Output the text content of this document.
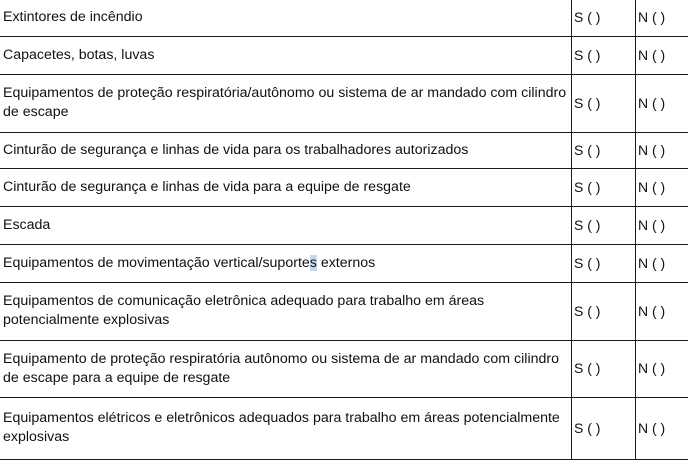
Extintores de incêndio	S ( )	N ( )
Capacetes, botas, luvas	S ( )	N ( )
Equipamentos de proteção respiratória/autônomo ou sistema de ar mandado com cilindro de escape	S ( )	N ( )
Cinturão de segurança e linhas de vida para os trabalhadores autorizados	S ( )	N ( )
Cinturão de segurança e linhas de vida para a equipe de resgate	S ( )	N ( )
Escada	S ( )	N ( )
Equipamentos de movimentação vertical/suportes externos	S ( )	N ( )
Equipamentos de comunicação eletrônica adequado para trabalho em áreas potencialmente explosivas	S ( )	N ( )
Equipamento de proteção respiratória autônomo ou sistema de ar mandado com cilindro de escape para a equipe de resgate	S ( )	N ( )
Equipamentos elétricos e eletrônicos adequados para trabalho em áreas potencialmente explosivas	S ( )	N ( )
